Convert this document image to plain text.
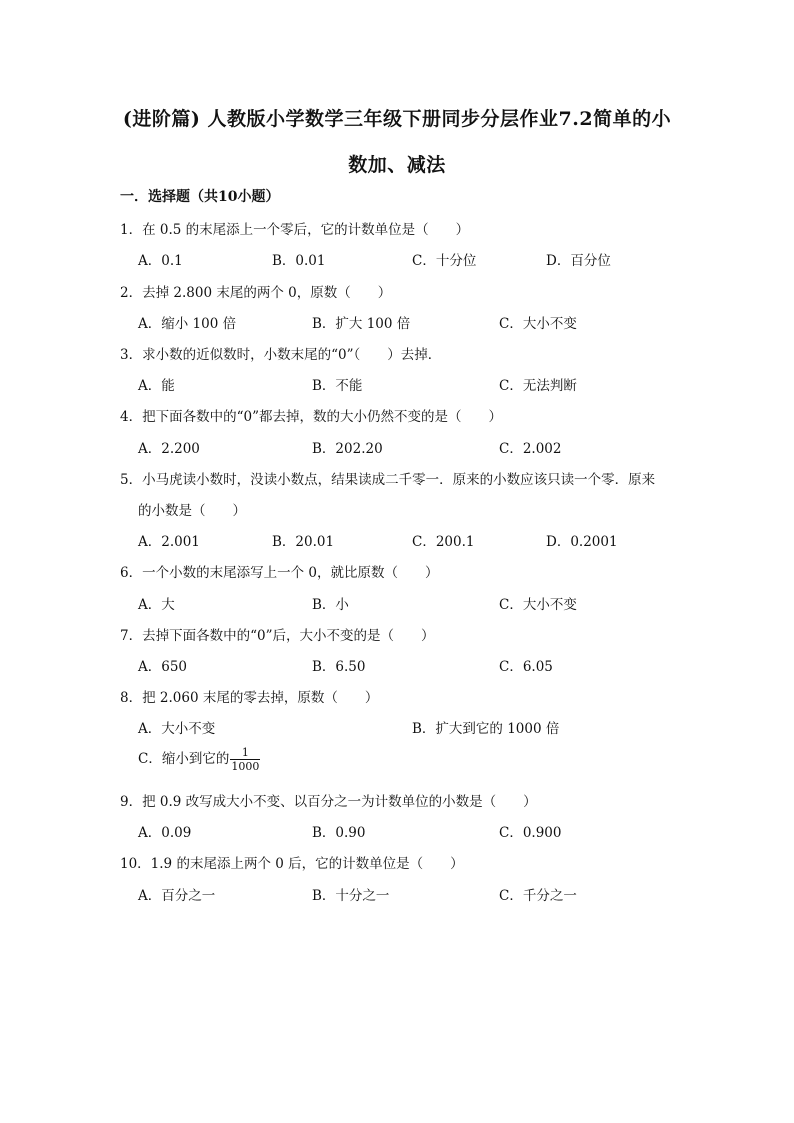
(进阶篇) 人教版小学数学三年级下册同步分层作业7.2简单的小
数加、减法
一．选择题（共10小题）
1．在 0.5 的末尾添上一个零后，它的计数单位是（　　）
A．0.1	B．0.01	C．十分位	D．百分位
2．去掉 2.800 末尾的两个 0，原数（　　）
A．缩小 100 倍	B．扩大 100 倍	C．大小不变
3．求小数的近似数时，小数末尾的“0”（　　）去掉．
A．能	B．不能	C．无法判断
4．把下面各数中的“0”都去掉，数的大小仍然不变的是（　　）
A．2.200	B．202.20	C．2.002
5．小马虎读小数时，没读小数点，结果读成二千零一．原来的小数应该只读一个零．原来
的小数是（　　）
A．2.001	B．20.01	C．200.1	D．0.2001
6．一个小数的末尾添写上一个 0，就比原数（　　）
A．大	B．小	C．大小不变
7．去掉下面各数中的“0”后，大小不变的是（　　）
A．650	B．6.50	C．6.05
8．把 2.060 末尾的零去掉，原数（　　）
A．大小不变	B．扩大到它的 1000 倍
C．缩小到它的 $\frac{1}{1000}$
9．把 0.9 改写成大小不变、以百分之一为计数单位的小数是（　　）
A．0.09	B．0.90	C．0.900
10．1.9 的末尾添上两个 0 后，它的计数单位是（　　）
A．百分之一	B．十分之一	C．千分之一
